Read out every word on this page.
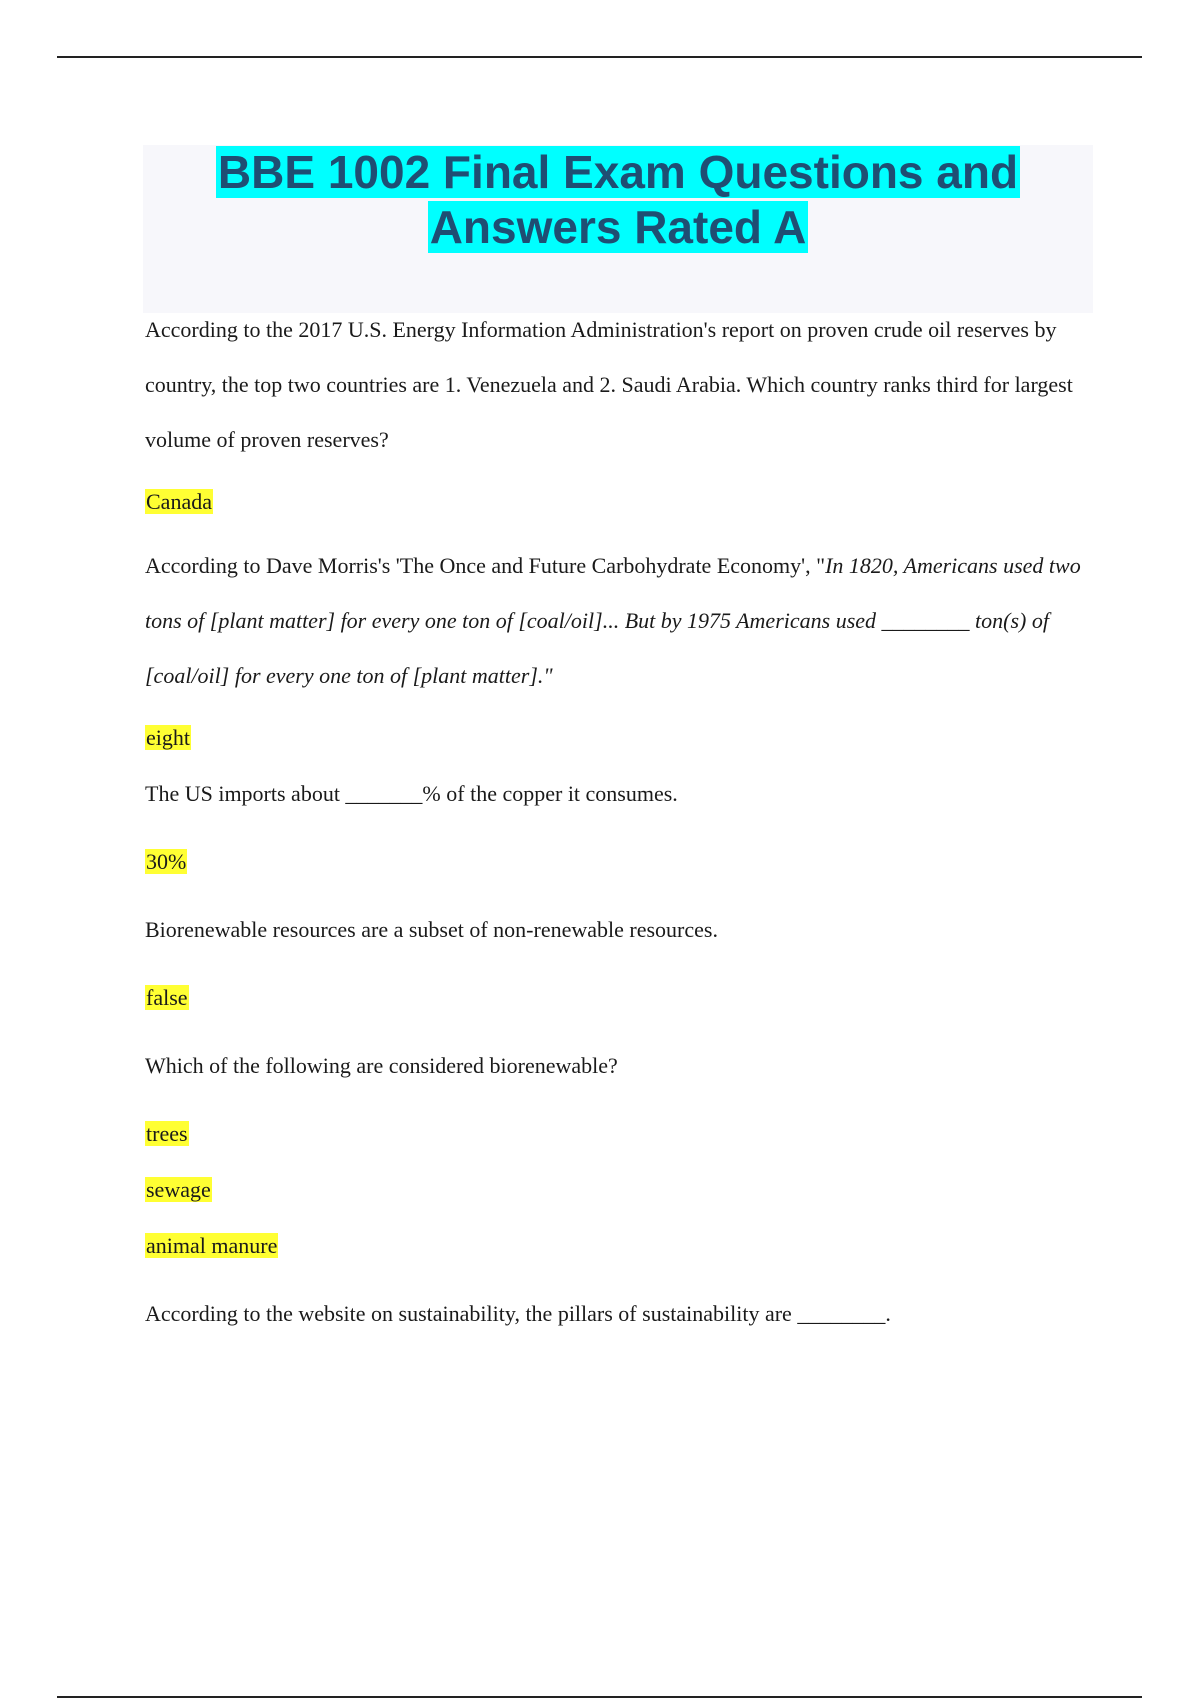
BBE 1002 Final Exam Questions and
Answers Rated A

According to the 2017 U.S. Energy Information Administration's report on proven crude oil reserves by country, the top two countries are 1. Venezuela and 2. Saudi Arabia. Which country ranks third for largest volume of proven reserves?

Canada

According to Dave Morris's 'The Once and Future Carbohydrate Economy', "In 1820, Americans used two tons of [plant matter] for every one ton of [coal/oil]... But by 1975 Americans used ________ ton(s) of [coal/oil] for every one ton of [plant matter]."

eight

The US imports about _______% of the copper it consumes.

30%

Biorenewable resources are a subset of non-renewable resources.

false

Which of the following are considered biorenewable?

trees

sewage

animal manure

According to the website on sustainability, the pillars of sustainability are ________.
